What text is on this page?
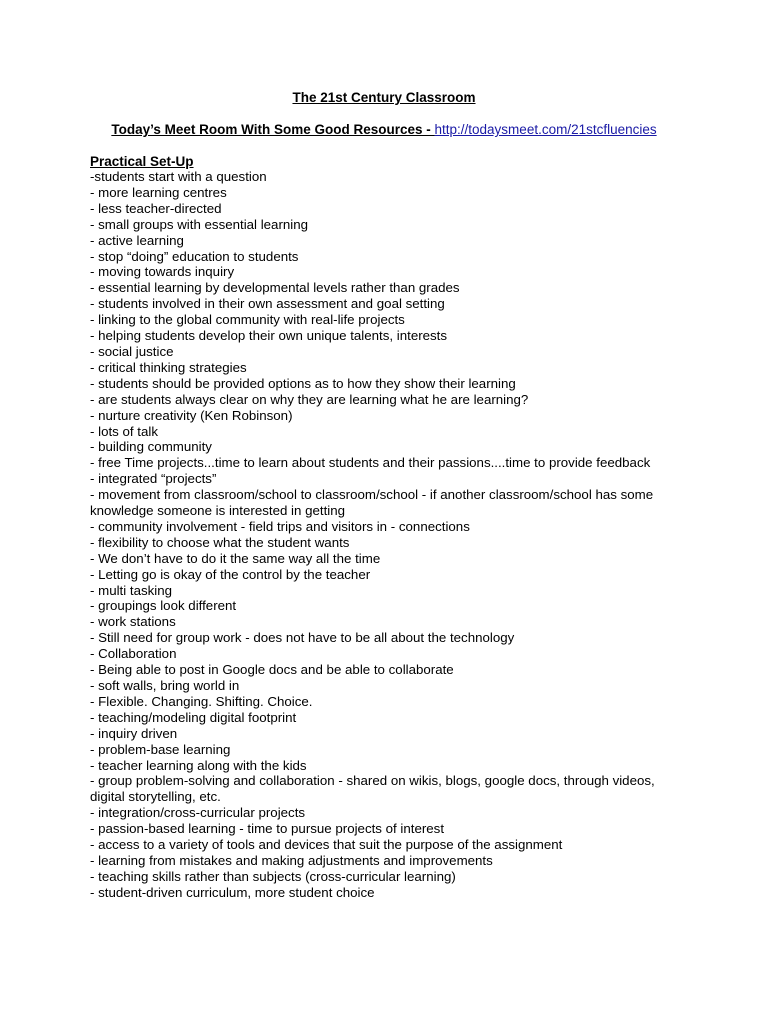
The 21st Century Classroom
Today’s Meet Room With Some Good Resources - http://todaysmeet.com/21stcfluencies
Practical Set-Up
-students start with a question
- more learning centres
- less teacher-directed
- small groups with essential learning
- active learning
- stop “doing” education to students
- moving towards inquiry
- essential learning by developmental levels rather than grades
- students involved in their own assessment and goal setting
- linking to the global community with real-life projects
- helping students develop their own unique talents, interests
- social justice
- critical thinking strategies
- students should be provided options as to how they show their learning
- are students always clear on why they are learning what he are learning?
- nurture creativity (Ken Robinson)
- lots of talk
- building community
- free Time projects...time to learn about students and their passions....time to provide feedback
- integrated “projects”
- movement from classroom/school to classroom/school - if another classroom/school has some knowledge someone is interested in getting
- community involvement - field trips and visitors in - connections
- flexibility to choose what the student wants
- We don’t have to do it the same way all the time
- Letting go is okay of the control by the teacher
- multi tasking
- groupings look different
- work stations
- Still need for group work - does not have to be all about the technology
- Collaboration
- Being able to post in Google docs and be able to collaborate
- soft walls, bring world in
- Flexible. Changing. Shifting. Choice.
- teaching/modeling digital footprint
- inquiry driven
- problem-base learning
- teacher learning along with the kids
- group problem-solving and collaboration - shared on wikis, blogs, google docs, through videos, digital storytelling, etc.
- integration/cross-curricular projects
- passion-based learning - time to pursue projects of interest
- access to a variety of tools and devices that suit the purpose of the assignment
- learning from mistakes and making adjustments and improvements
- teaching skills rather than subjects (cross-curricular learning)
- student-driven curriculum, more student choice
